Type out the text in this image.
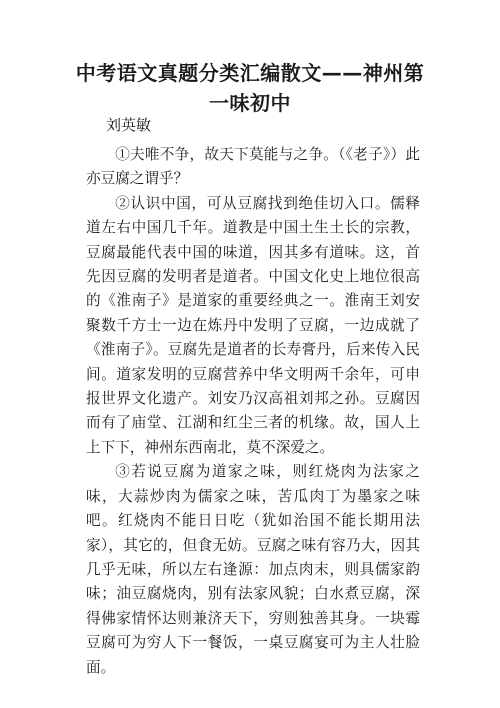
中考语文真题分类汇编散文——神州第一味初中
刘英敏

①夫唯不争，故天下莫能与之争。（《老子》）此亦豆腐之谓乎？

②认识中国，可从豆腐找到绝佳切入口。儒释道左右中国几千年。道教是中国土生土长的宗教，豆腐最能代表中国的味道，因其多有道味。这，首先因豆腐的发明者是道者。中国文化史上地位很高的《淮南子》是道家的重要经典之一。淮南王刘安聚数千方士一边在炼丹中发明了豆腐，一边成就了《淮南子》。豆腐先是道者的长寿膏丹，后来传入民间。道家发明的豆腐营养中华文明两千余年，可申报世界文化遗产。刘安乃汉高祖刘邦之孙。豆腐因而有了庙堂、江湖和红尘三者的机缘。故，国人上上下下，神州东西南北，莫不深爱之。

③若说豆腐为道家之味，则红烧肉为法家之味，大蒜炒肉为儒家之味，苦瓜肉丁为墨家之味吧。红烧肉不能日日吃（犹如治国不能长期用法家），其它的，但食无妨。豆腐之味有容乃大，因其几乎无味，所以左右逢源：加点肉末，则具儒家韵味；油豆腐烧肉，别有法家风貌；白水煮豆腐，深得佛家情怀达则兼济天下，穷则独善其身。一块霉豆腐可为穷人下一餐饭，一桌豆腐宴可为主人壮脸面。
